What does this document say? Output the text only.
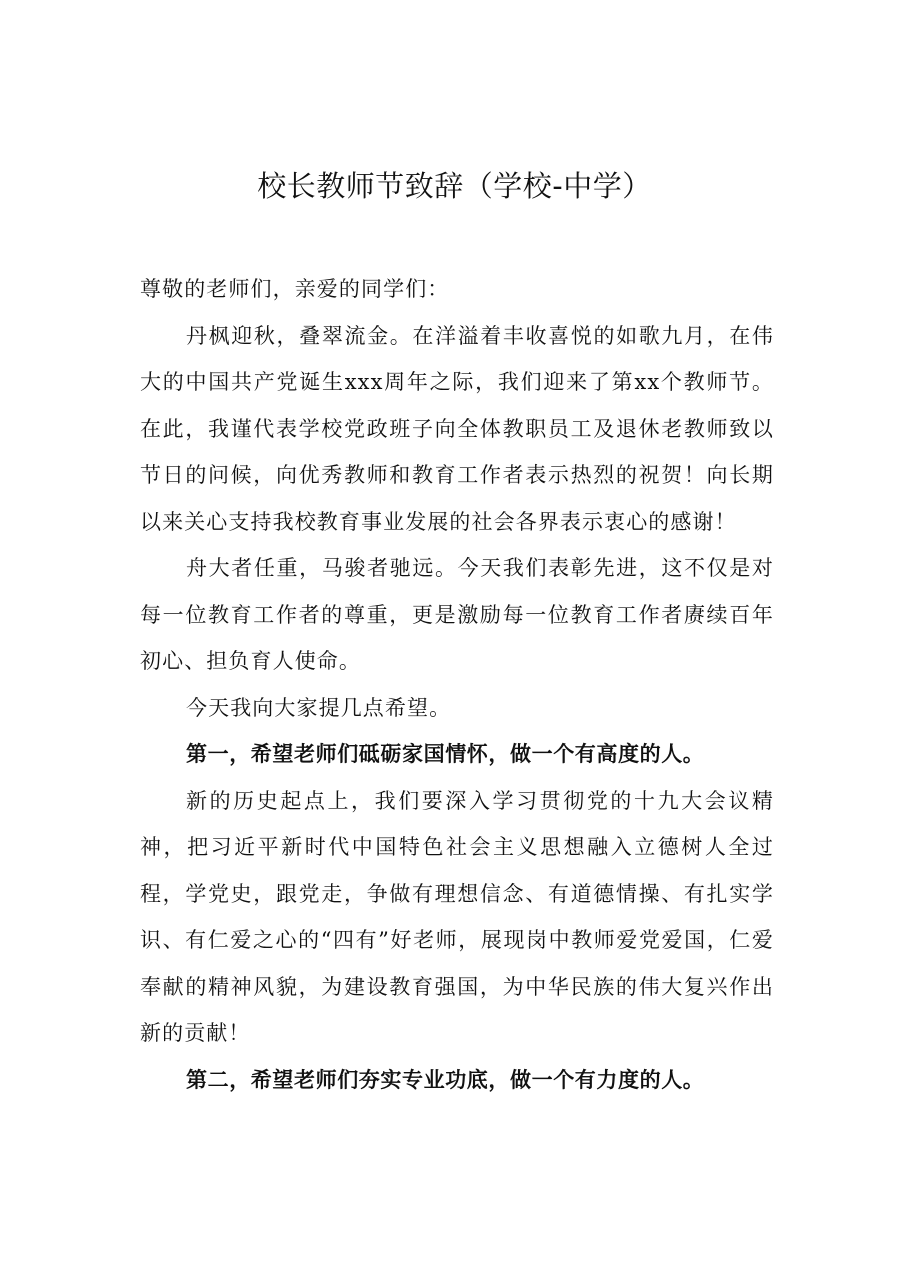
校长教师节致辞（学校-中学）

尊敬的老师们，亲爱的同学们：

丹枫迎秋，叠翠流金。在洋溢着丰收喜悦的如歌九月，在伟大的中国共产党诞生xxx周年之际，我们迎来了第xx个教师节。在此，我谨代表学校党政班子向全体教职员工及退休老教师致以节日的问候，向优秀教师和教育工作者表示热烈的祝贺！向长期以来关心支持我校教育事业发展的社会各界表示衷心的感谢！

舟大者任重，马骏者驰远。今天我们表彰先进，这不仅是对每一位教育工作者的尊重，更是激励每一位教育工作者赓续百年初心、担负育人使命。

今天我向大家提几点希望。

第一，希望老师们砥砺家国情怀，做一个有高度的人。

新的历史起点上，我们要深入学习贯彻党的十九大会议精神，把习近平新时代中国特色社会主义思想融入立德树人全过程，学党史，跟党走，争做有理想信念、有道德情操、有扎实学识、有仁爱之心的“四有”好老师，展现岗中教师爱党爱国，仁爱奉献的精神风貌，为建设教育强国，为中华民族的伟大复兴作出新的贡献！

第二，希望老师们夯实专业功底，做一个有力度的人。
